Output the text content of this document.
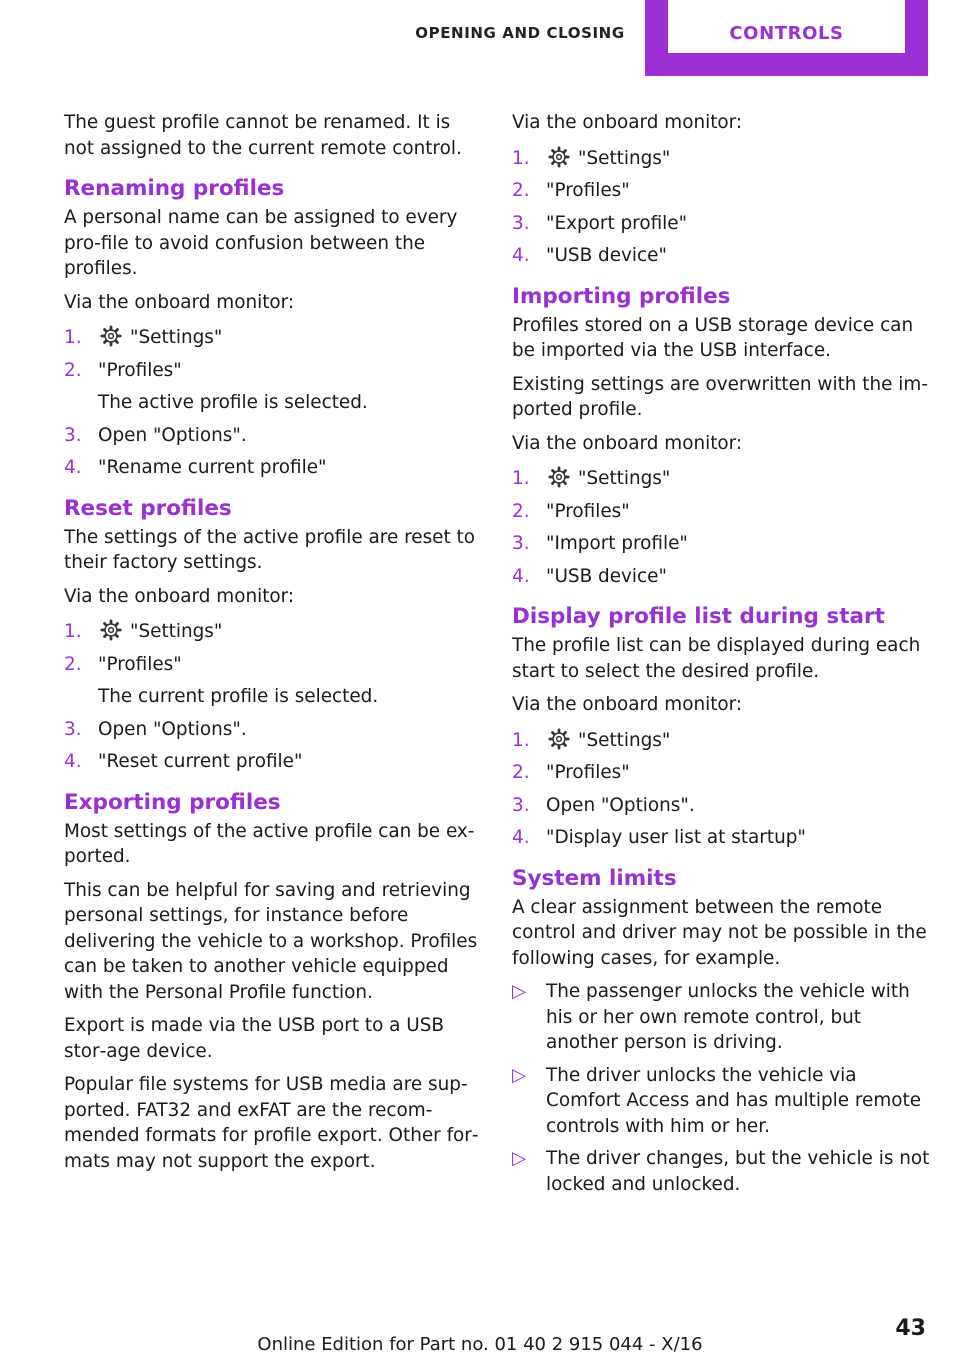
OPENING AND CLOSING	CONTROLS

The guest profile cannot be renamed. It is not assigned to the current remote control.

Renaming profiles

A personal name can be assigned to every pro‐file to avoid confusion between the profiles.

Via the onboard monitor:

1.	"Settings"
2. "Profiles"
The active profile is selected.
3. Open "Options".
4. "Rename current profile"
Reset profiles

The settings of the active profile are reset to their factory settings.

Via the onboard monitor:

1.	"Settings"
2. "Profiles"
The current profile is selected.
3. Open "Options".
4. "Reset current profile"
Exporting profiles

Most settings of the active profile can be ex‐ported.

This can be helpful for saving and retrieving personal settings, for instance before delivering the vehicle to a workshop. Profiles can be taken to another vehicle equipped with the Personal Profile function.

Export is made via the USB port to a USB stor‐age device.

Popular file systems for USB media are sup‐ported. FAT32 and exFAT are the recom‐mended formats for profile export. Other for‐mats may not support the export.

Via the onboard monitor:

1.	"Settings"
2. "Profiles"
3. "Export profile"
4. "USB device"
Importing profiles

Profiles stored on a USB storage device can be imported via the USB interface.

Existing settings are overwritten with the im‐ported profile.

Via the onboard monitor:

1.	"Settings"
2. "Profiles"
3. "Import profile"
4. "USB device"
Display profile list during start

The profile list can be displayed during each start to select the desired profile.

Via the onboard monitor:

1.	"Settings"
2. "Profiles"
3. Open "Options".
4. "Display user list at startup"
System limits

A clear assignment between the remote control and driver may not be possible in the following cases, for example.

▷ The passenger unlocks the vehicle with his or her own remote control, but another person is driving.
▷ The driver unlocks the vehicle via Comfort Access and has multiple remote controls with him or her.
▷ The driver changes, but the vehicle is not locked and unlocked.
Online Edition for Part no. 01 40 2 915 044 - X/16
43
